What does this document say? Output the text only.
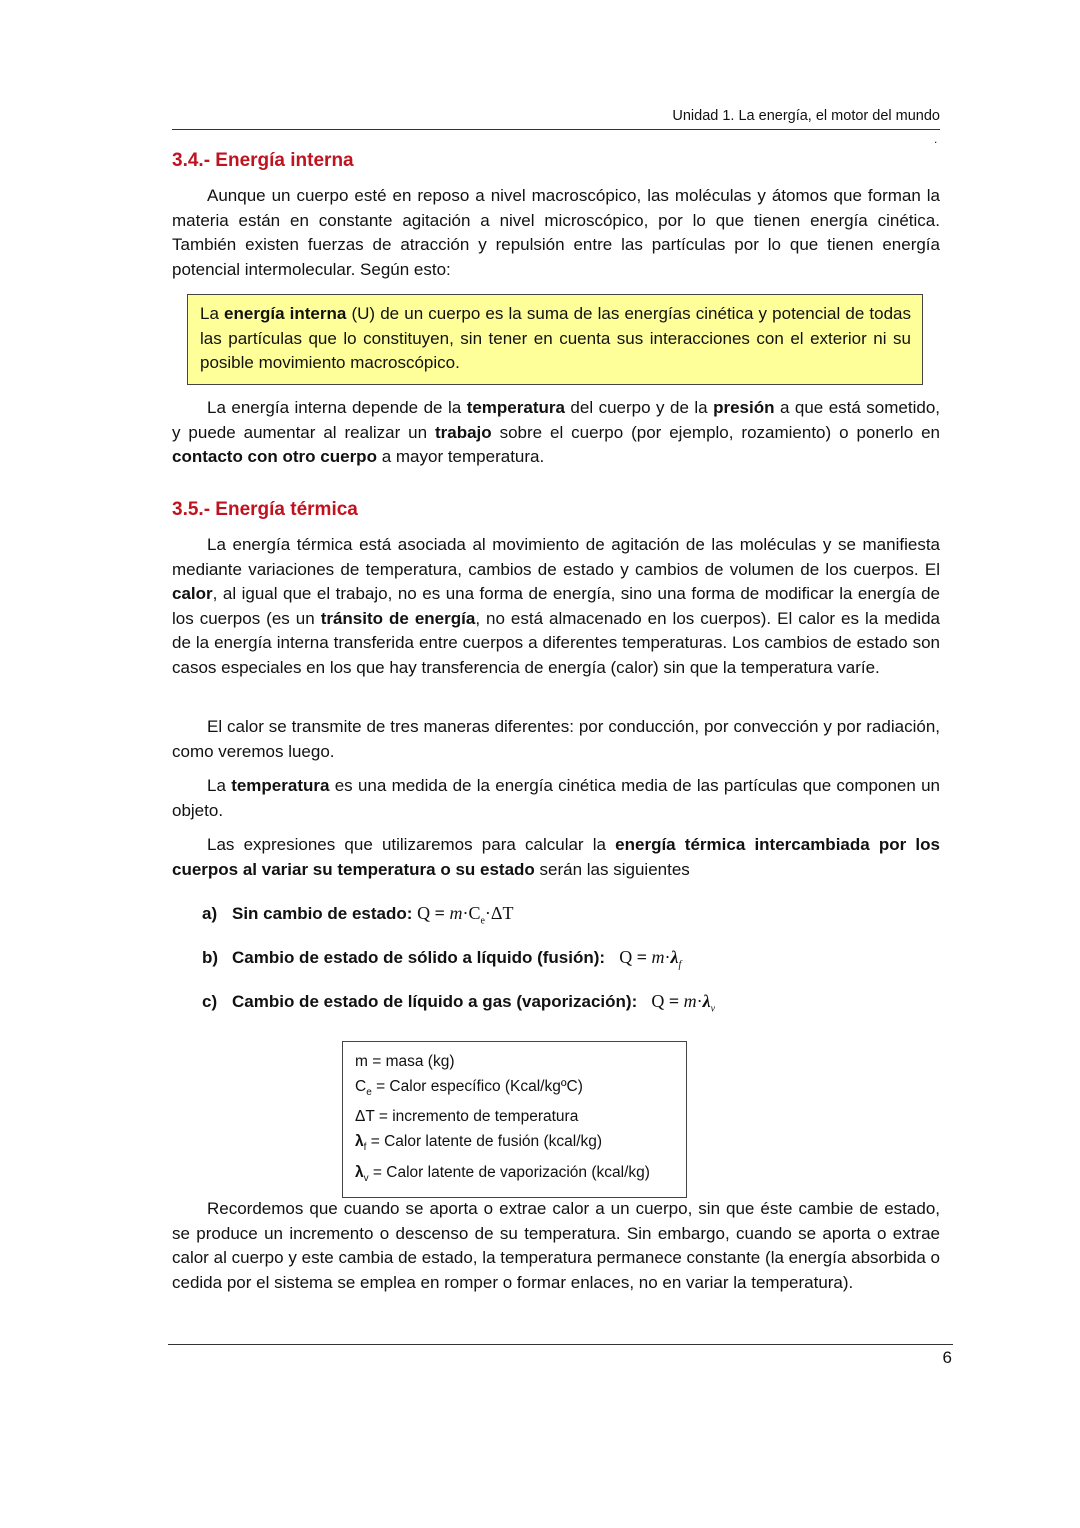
Unidad 1. La energía, el motor del mundo
.
3.4.- Energía interna
Aunque un cuerpo esté en reposo a nivel macroscópico, las moléculas y átomos que forman la materia están en constante agitación a nivel microscópico, por lo que tienen energía cinética. También existen fuerzas de atracción y repulsión entre las partículas por lo que tienen energía potencial intermolecular. Según esto:
La energía interna (U) de un cuerpo es la suma de las energías cinética y potencial de todas las partículas que lo constituyen, sin tener en cuenta sus interacciones con el exterior ni su posible movimiento macroscópico.
La energía interna depende de la temperatura del cuerpo y de la presión a que está sometido, y puede aumentar al realizar un trabajo sobre el cuerpo (por ejemplo, rozamiento) o ponerlo en contacto con otro cuerpo a mayor temperatura.
3.5.- Energía térmica
La energía térmica está asociada al movimiento de agitación de las moléculas y se manifiesta mediante variaciones de temperatura, cambios de estado y cambios de volumen de los cuerpos. El calor, al igual que el trabajo, no es una forma de energía, sino una forma de modificar la energía de los cuerpos (es un tránsito de energía, no está almacenado en los cuerpos). El calor es la medida de la energía interna transferida entre cuerpos a diferentes temperaturas. Los cambios de estado son casos especiales en los que hay transferencia de energía (calor) sin que la temperatura varíe.
El calor se transmite de tres maneras diferentes: por conducción, por convección y por radiación, como veremos luego.
La temperatura es una medida de la energía cinética media de las partículas que componen un objeto.
Las expresiones que utilizaremos para calcular la energía térmica intercambiada por los cuerpos al variar su temperatura o su estado serán las siguientes
a) Sin cambio de estado: $Q = m\cdot C_e\cdot\Delta T$
b) Cambio de estado de sólido a líquido (fusión): $Q = m\cdot\lambda_f$
c) Cambio de estado de líquido a gas (vaporización): $Q = m\cdot\lambda_v$
m = masa (kg)
$C_e$ = Calor específico (Kcal/kgºC)
ΔT = incremento de temperatura
$\lambda_f$ = Calor latente de fusión (kcal/kg)
$\lambda_v$ = Calor latente de vaporización (kcal/kg)
Recordemos que cuando se aporta o extrae calor a un cuerpo, sin que éste cambie de estado, se produce un incremento o descenso de su temperatura. Sin embargo, cuando se aporta o extrae calor al cuerpo y este cambia de estado, la temperatura permanece constante (la energía absorbida o cedida por el sistema se emplea en romper o formar enlaces, no en variar la temperatura).
6
